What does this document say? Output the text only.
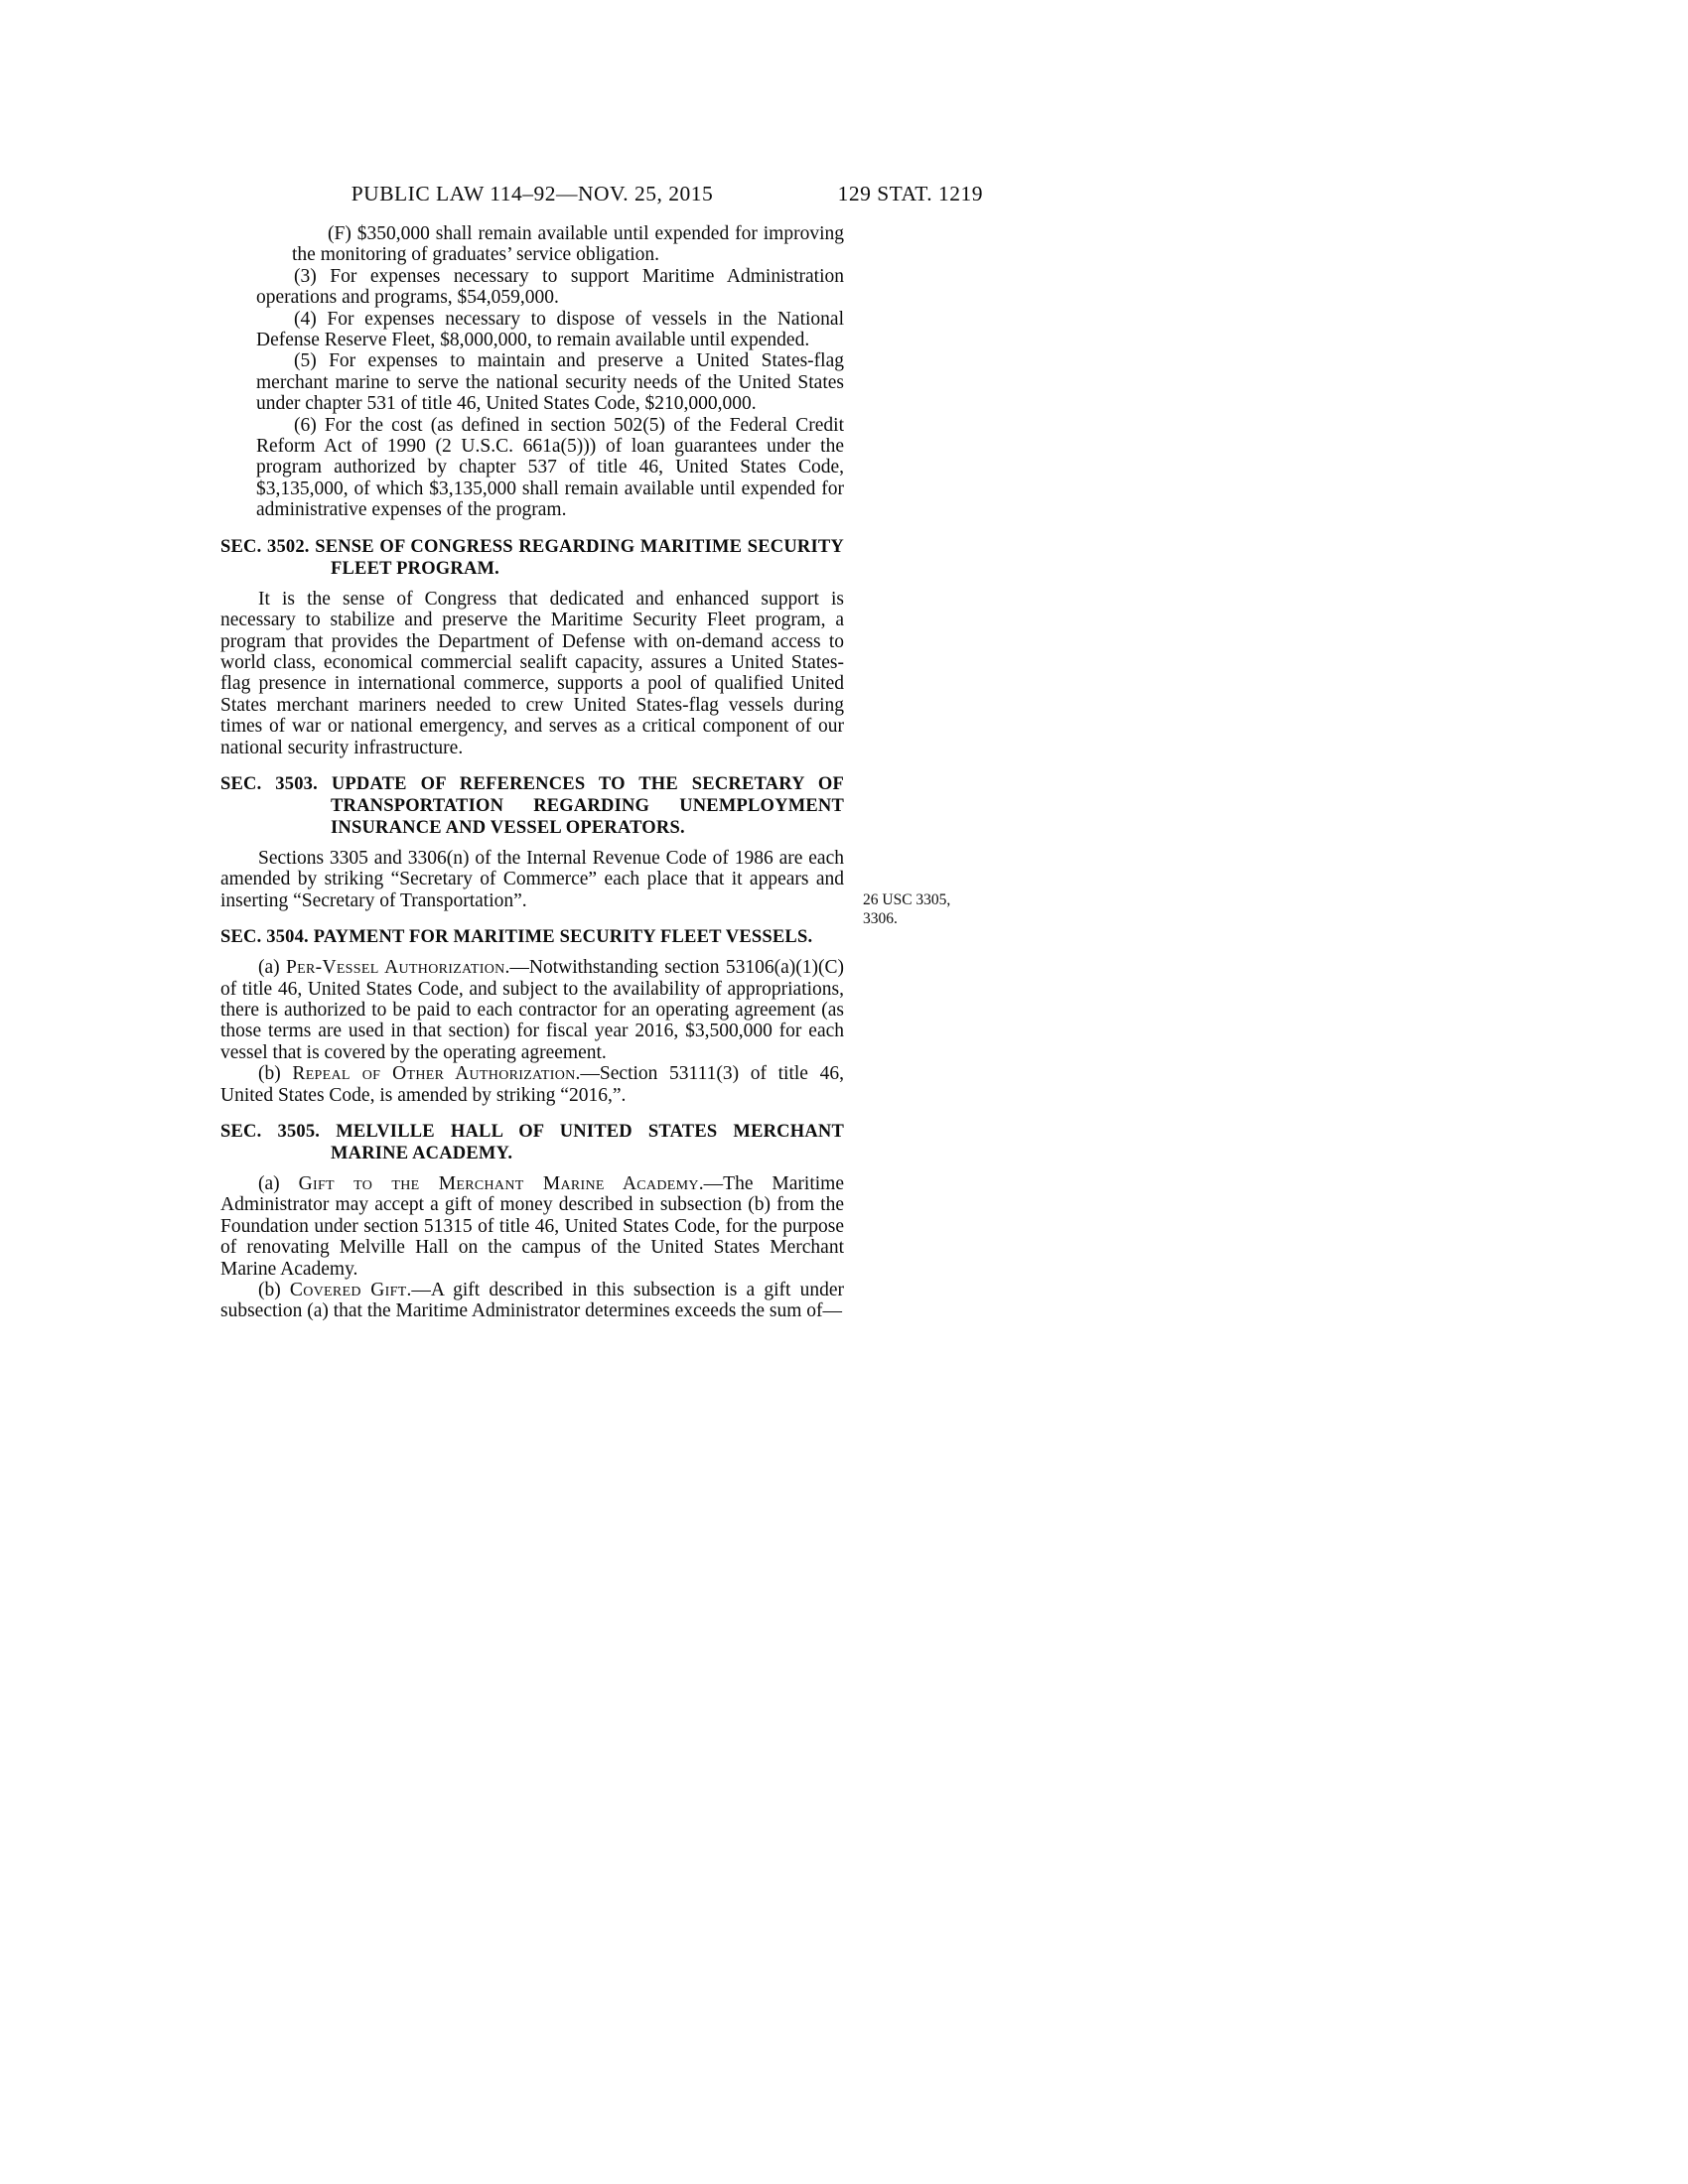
PUBLIC LAW 114–92—NOV. 25, 2015	129 STAT. 1219

(F) $350,000 shall remain available until expended for improving the monitoring of graduates’ service obligation.

(3) For expenses necessary to support Maritime Administration operations and programs, $54,059,000.

(4) For expenses necessary to dispose of vessels in the National Defense Reserve Fleet, $8,000,000, to remain available until expended.

(5) For expenses to maintain and preserve a United States-flag merchant marine to serve the national security needs of the United States under chapter 531 of title 46, United States Code, $210,000,000.

(6) For the cost (as defined in section 502(5) of the Federal Credit Reform Act of 1990 (2 U.S.C. 661a(5))) of loan guarantees under the program authorized by chapter 537 of title 46, United States Code, $3,135,000, of which $3,135,000 shall remain available until expended for administrative expenses of the program.

SEC. 3502. SENSE OF CONGRESS REGARDING MARITIME SECURITY FLEET PROGRAM.

It is the sense of Congress that dedicated and enhanced support is necessary to stabilize and preserve the Maritime Security Fleet program, a program that provides the Department of Defense with on-demand access to world class, economical commercial sealift capacity, assures a United States-flag presence in international commerce, supports a pool of qualified United States merchant mariners needed to crew United States-flag vessels during times of war or national emergency, and serves as a critical component of our national security infrastructure.

SEC. 3503. UPDATE OF REFERENCES TO THE SECRETARY OF TRANSPORTATION REGARDING UNEMPLOYMENT INSURANCE AND VESSEL OPERATORS.

Sections 3305 and 3306(n) of the Internal Revenue Code of 1986 are each amended by striking “Secretary of Commerce” each place that it appears and inserting “Secretary of Transportation”.	26 USC 3305, 3306.

SEC. 3504. PAYMENT FOR MARITIME SECURITY FLEET VESSELS.

(a) Per-Vessel Authorization.—Notwithstanding section 53106(a)(1)(C) of title 46, United States Code, and subject to the availability of appropriations, there is authorized to be paid to each contractor for an operating agreement (as those terms are used in that section) for fiscal year 2016, $3,500,000 for each vessel that is covered by the operating agreement.

(b) Repeal of Other Authorization.—Section 53111(3) of title 46, United States Code, is amended by striking “2016,”.

SEC. 3505. MELVILLE HALL OF UNITED STATES MERCHANT MARINE ACADEMY.

(a) Gift to the Merchant Marine Academy.—The Maritime Administrator may accept a gift of money described in subsection (b) from the Foundation under section 51315 of title 46, United States Code, for the purpose of renovating Melville Hall on the campus of the United States Merchant Marine Academy.

(b) Covered Gift.—A gift described in this subsection is a gift under subsection (a) that the Maritime Administrator determines exceeds the sum of—
